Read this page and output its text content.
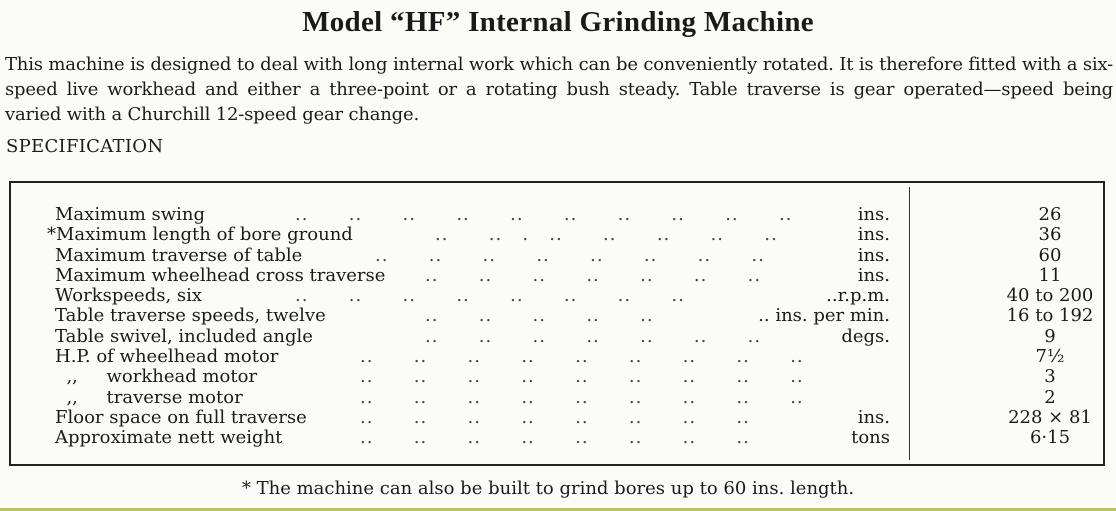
Model “HF” Internal Grinding Machine
This machine is designed to deal with long internal work which can be conveniently rotated. It is therefore fitted with a six-speed live workhead and either a three-point or a rotating bush steady. Table traverse is gear operated—speed being varied with a Churchill 12-speed gear change.
SPECIFICATION
Maximum swing	..      ..      ..      ..      ..      ..      ..      ..      ..      ..	ins.	26
*Maximum length of bore ground	..      ..   .   ..      ..      ..      ..      ..	ins.	36
Maximum traverse of table	..      ..      ..      ..      ..      ..      ..      ..	ins.	60
Maximum wheelhead cross traverse ..      ..      ..      ..      ..      ..      ..	ins.	11
Workspeeds, six	..      ..      ..      ..      ..      ..      ..      ..	..r.p.m.	40 to 200
Table traverse speeds, twelve	..      ..      ..      ..      ..	.. ins. per min.	16 to 192
Table swivel, included angle	..      ..      ..      ..      ..      ..      ..	degs.	9
H.P. of wheelhead motor	..      ..      ..      ..      ..      ..      ..      ..      ..	7½
,,     workhead motor	..      ..      ..      ..      ..      ..      ..      ..      ..	3
,,     traverse motor	..      ..      ..      ..      ..      ..      ..      ..      ..	2
Floor space on full traverse	..      ..      ..      ..      ..      ..      ..      ..	ins.	228 × 81
Approximate nett weight	..      ..      ..      ..      ..      ..      ..      ..	tons	6·15
* The machine can also be built to grind bores up to 60 ins. length.
